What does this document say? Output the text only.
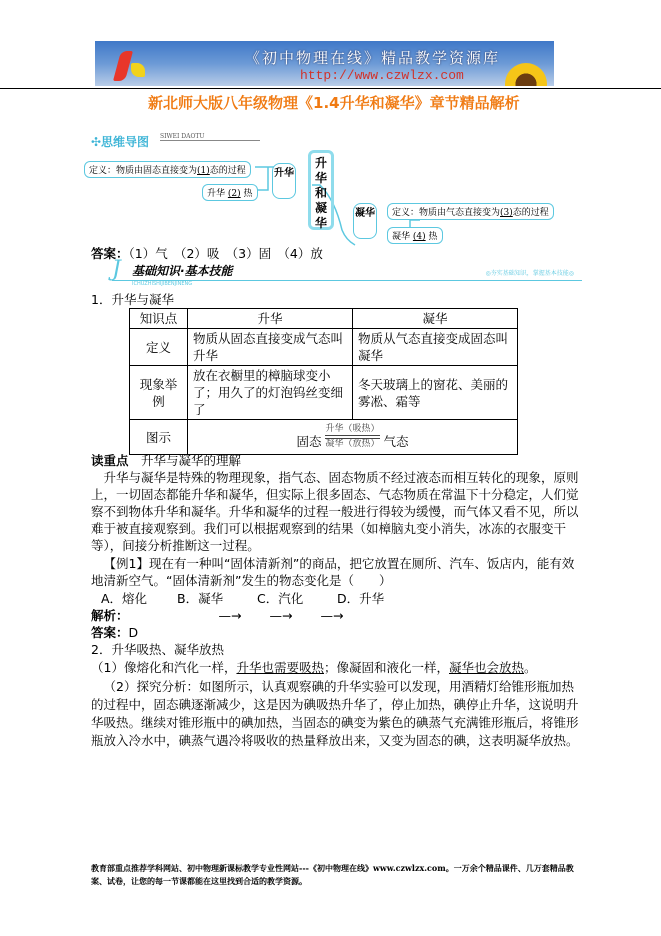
《初中物理在线》精品教学资源库
http://www.czwlzx.com
新北师大版八年级物理《1.4升华和凝华》章节精品解析
✣思维导图 SIWEI DAOTU
定义：物质由固态直接变为(1)态的过程
升华 (2) 热
升华
升华和凝华
凝华	定义：物质由气态直接变为(3)态的过程
凝华 (4) 热
答案：（1）气　（2）吸　（3）固　（4）放
J 基础知识·基本技能
ICHUZHISHIJIBENJINENG
◎夯实基础知识，掌握基本技能◎
1．升华与凝华
知识点	升华	凝华
定义	物质从固态直接变成气态叫升华	物质从气态直接变成固态叫凝华
现象举例	放在衣橱里的樟脑球变小了；用久了的灯泡钨丝变细了	冬天玻璃上的窗花、美丽的雾凇、霜等
图示	固态
升华（吸热）
凝华（放热） 气态	
读重点　 升华与凝华的理解
升华与凝华是特殊的物理现象，指气态、固态物质不经过液态而相互转化的现象，原则上，一切固态都能升华和凝华，但实际上很多固态、气态物质在常温下十分稳定，人们觉察不到物体升华和凝华。升华和凝华的过程一般进行得较为缓慢，而气体又看不见，所以难于被直接观察到。我们可以根据观察到的结果（如樟脑丸变小消失，冰冻的衣服变干等），间接分析推断这一过程。
【例1】现在有一种叫“固体清新剂”的商品，把它放置在厕所、汽车、饭店内，能有效地清新空气。“固体清新剂”发生的物态变化是（　　）
A．熔化 B．凝华	C．汽化	D．升华
解析：	—→ —→ —→
答案：D
2．升华吸热、凝华放热
（1）像熔化和汽化一样，升华也需要吸热；像凝固和液化一样，凝华也会放热。
（2）探究分析：如图所示，认真观察碘的升华实验可以发现，用酒精灯给锥形瓶加热的过程中，固态碘逐渐减少，这是因为碘吸热升华了，停止加热，碘停止升华，这说明升华吸热。继续对锥形瓶中的碘加热，当固态的碘变为紫色的碘蒸气充满锥形瓶后，将锥形瓶放入冷水中，碘蒸气遇冷将吸收的热量释放出来，又变为固态的碘，这表明凝华放热。
教育部重点推荐学科网站、初中物理新课标教学专业性网站---《初中物理在线》www.czwlzx.com。一万余个精品课件、几万套精品教案、试卷，让您的每一节课都能在这里找到合适的教学资源。
